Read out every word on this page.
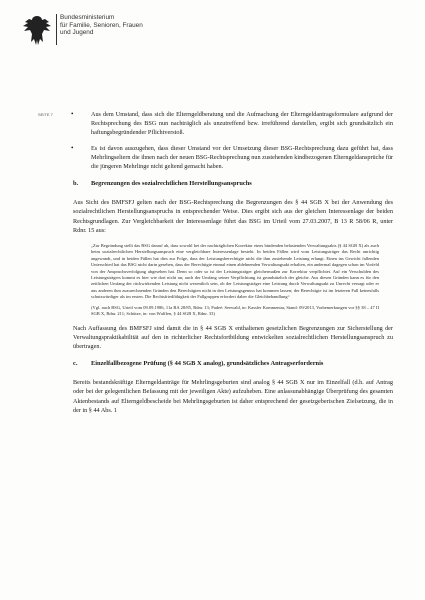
Bundesministerium
für Familie, Senioren, Frauen
und Jugend
SEITE 7	•	Aus dem Umstand, dass sich die Elterngeldberatung und die Aufmachung der Elterngeldantragsformulare aufgrund der Rechtsprechung des BSG nun nachträglich als unzutreffend bzw. irreführend darstellen, ergibt sich grundsätzlich ein haftungsbegründender Pflichtverstoß.
•	Es ist davon auszugehen, dass dieser Umstand vor der Umsetzung dieser BSG-Rechtsprechung dazu geführt hat, dass Mehrlingseltern die ihnen nach der neuen BSG-Rechtsprechung nun zustehenden kindbezogenen Elterngeldansprüche für die jüngeren Mehrlinge nicht geltend gemacht haben.
b. Begrenzungen des sozialrechtlichen Herstellungsanspruchs
Aus Sicht des BMFSFJ gelten nach der BSG-Rechtsprechung die Begrenzungen des § 44 SGB X bei der Anwendung des sozialrechtlichen Herstellungsanspruchs in entsprechender Weise. Dies ergibt sich aus der gleichen Interessenlage der beiden Rechtsgrundlagen. Zur Vergleichbarkeit der Interessenlage führt das BSG im Urteil vom 27.03.2007, B 13 R 58/06 R, unter Rdnr. 15 aus:

„Zur Begründung stellt das BSG darauf ab, dass sowohl bei der nachträglichen Korrektur eines bindenden belastenden Verwaltungsakts (§ 44 SGB X) als auch beim sozialrechtlichen Herstellungsanspruch eine vergleichbare Interessenlage besteht. In beiden Fällen wird vom Leistungsträger das Recht unrichtig angewandt, und in beiden Fällen hat dies zur Folge, dass der Leistungsberechtigte nicht die ihm zustehende Leistung erlangt. Einen ins Gewicht fallenden Unterschied hat das BSG nicht darin gesehen, dass der Berechtigte einmal einen ablehnenden Verwaltungsakt erhalten, ein andermal dagegen schon im Vorfeld von der Anspruchsverfolgung abgesehen hat. Denn so oder so ist der Leistungsträger gleichermaßen zur Korrektur verpflichtet. Auf ein Verschulden des Leistungsträgers kommt es hier wie dort nicht an; auch der Umfang seiner Verpflichtung ist grundsätzlich der gleiche. Aus diesen Gründen kann es für den zeitlichen Umfang der rückwirkenden Leistung nicht wesentlich sein, ob der Leistungsträger eine Leistung durch Verwaltungsakt zu Unrecht versagt oder er aus anderen ihm zuzurechnenden Gründen den Berechtigten nicht in den Leistungsgenuss hat kommen lassen; der Berechtigte ist im letzteren Fall keinesfalls schutzwürdiger als im ersten. Die Rechtsfriedfähigkeit der Fallgruppen erfordert daher die Gleichbehandlung“

(Vgl. auch BSG, Urteil vom 09.09.1986, 11a RA 28/85, Rdnr. 13; Padeé: Seewald, in: Kassler Kommentar, Stand: 09/2013, Vorbemerkungen vor §§ 38 – 47 II SGB X, Rdnr. 211; Schütze, in: von Wulffen, § 44 SGB X, Rdnr. 33)

Nach Auffassung des BMFSFJ sind damit die in § 44 SGB X enthaltenen gesetzlichen Begrenzungen zur Sicherstellung der Verwaltungspraktikabilität auf den in richterlicher Rechtsfortbildung entwickelten sozialrechtlichen Herstellungsanspruch zu übertragen.
c. Einzelfallbezogene Prüfung (§ 44 SGB X analog), grundsätzliches Antragserfordernis
Bereits bestandskräftige Elterngeldanträge für Mehrlingsgeburten sind analog § 44 SGB X nur im Einzelfall (d.h. auf Antrag oder bei der gelegentlichen Befassung mit der jeweiligen Akte) aufzuheben. Eine anlassunabhängige Überprüfung des gesamten Aktenbestands auf Elterngeldbescheide bei Mehrlingsgeburten ist daher entsprechend der gesetzgeberischen Zielsetzung, die in der in § 44 Abs. 1
